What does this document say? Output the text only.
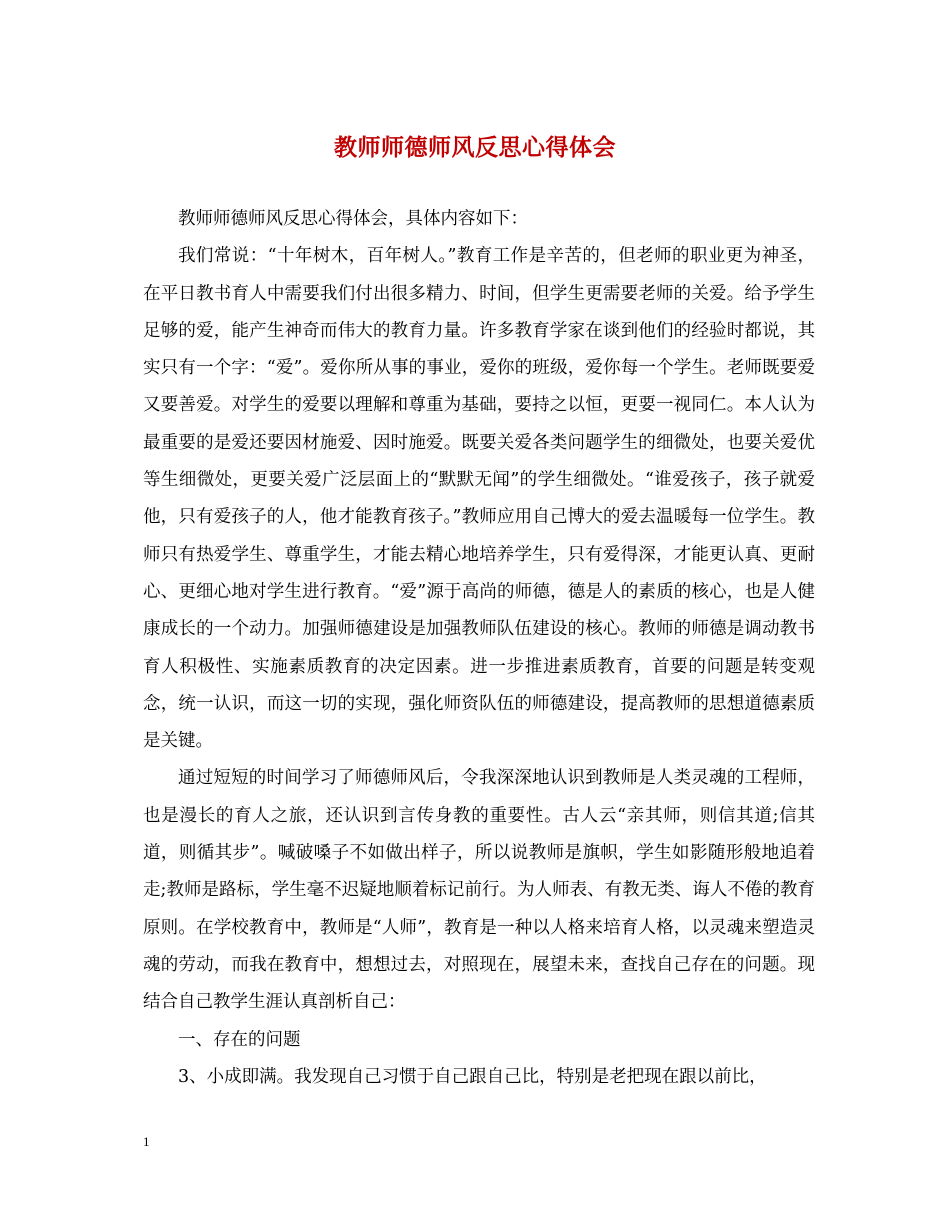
教师师德师风反思心得体会

教师师德师风反思心得体会，具体内容如下：

我们常说：“十年树木，百年树人。”教育工作是辛苦的，但老师的职业更为神圣，在平日教书育人中需要我们付出很多精力、时间，但学生更需要老师的关爱。给予学生足够的爱，能产生神奇而伟大的教育力量。许多教育学家在谈到他们的经验时都说，其实只有一个字：“爱”。爱你所从事的事业，爱你的班级，爱你每一个学生。老师既要爱又要善爱。对学生的爱要以理解和尊重为基础，要持之以恒，更要一视同仁。本人认为最重要的是爱还要因材施爱、因时施爱。既要关爱各类问题学生的细微处，也要关爱优等生细微处，更要关爱广泛层面上的“默默无闻”的学生细微处。“谁爱孩子，孩子就爱他，只有爱孩子的人，他才能教育孩子。”教师应用自己博大的爱去温暖每一位学生。教师只有热爱学生、尊重学生，才能去精心地培养学生，只有爱得深，才能更认真、更耐心、更细心地对学生进行教育。“爱”源于高尚的师德，德是人的素质的核心，也是人健康成长的一个动力。加强师德建设是加强教师队伍建设的核心。教师的师德是调动教书育人积极性、实施素质教育的决定因素。进一步推进素质教育，首要的问题是转变观念，统一认识，而这一切的实现，强化师资队伍的师德建设，提高教师的思想道德素质是关键。

通过短短的时间学习了师德师风后，令我深深地认识到教师是人类灵魂的工程师，也是漫长的育人之旅，还认识到言传身教的重要性。古人云“亲其师，则信其道;信其道，则循其步”。喊破嗓子不如做出样子，所以说教师是旗帜，学生如影随形般地追着走;教师是路标，学生毫不迟疑地顺着标记前行。为人师表、有教无类、诲人不倦的教育原则。在学校教育中，教师是“人师”，教育是一种以人格来培育人格，以灵魂来塑造灵魂的劳动，而我在教育中，想想过去，对照现在，展望未来，查找自己存在的问题。现结合自己教学生涯认真剖析自己：

一、存在的问题

3、小成即满。我发现自己习惯于自己跟自己比，特别是老把现在跟以前比，

1
